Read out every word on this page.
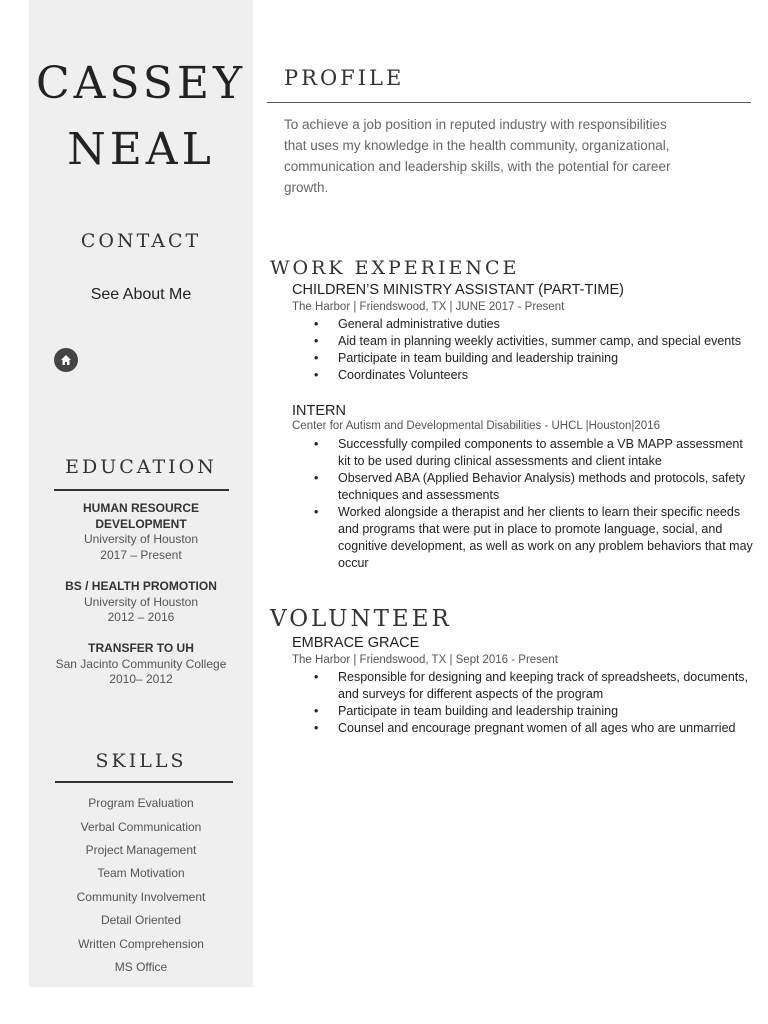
CASSEY
NEAL
CONTACT
See About Me
EDUCATION
HUMAN RESOURCE
DEVELOPMENT
University of Houston
2017 – Present
BS / HEALTH PROMOTION
University of Houston
2012 – 2016
TRANSFER TO UH
San Jacinto Community College
2010– 2012
SKILLS
Program Evaluation
Verbal Communication
Project Management
Team Motivation
Community Involvement
Detail Oriented
Written Comprehension
MS Office
PROFILE
To achieve a job position in reputed industry with responsibilities
that uses my knowledge in the health community, organizational,
communication and leadership skills, with the potential for career
growth.
WORK EXPERIENCE
CHILDREN’S MINISTRY ASSISTANT (PART-TIME)
The Harbor | Friendswood, TX | JUNE 2017 - Present
• General administrative duties
• Aid team in planning weekly activities, summer camp, and special events
• Participate in team building and leadership training
• Coordinates Volunteers
INTERN
Center for Autism and Developmental Disabilities - UHCL |Houston|2016
• Successfully compiled components to assemble a VB MAPP assessment kit to be used during clinical assessments and client intake
• Observed ABA (Applied Behavior Analysis) methods and protocols, safety techniques and assessments
• Worked alongside a therapist and her clients to learn their specific needs and programs that were put in place to promote language, social, and cognitive development, as well as work on any problem behaviors that may occur
VOLUNTEER
EMBRACE GRACE
The Harbor | Friendswood, TX | Sept 2016 - Present
• Responsible for designing and keeping track of spreadsheets, documents, and surveys for different aspects of the program
• Participate in team building and leadership training
• Counsel and encourage pregnant women of all ages who are unmarried
